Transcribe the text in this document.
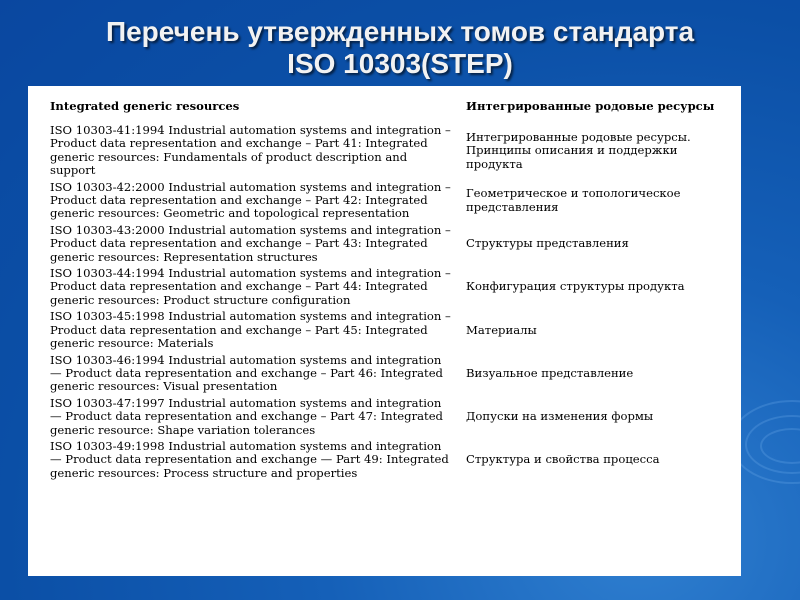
Перечень утвержденных томов стандарта
ISO 10303(STEP)
Integrated generic resources	Интегрированные родовые ресурсы
ISO 10303-41:1994 Industrial automation systems and integration – Product data representation and exchange – Part 41: Integrated generic resources: Fundamentals of product description and support	Интегрированные родовые ресурсы. Принципы описания и поддержки продукта
ISO 10303-42:2000 Industrial automation systems and integration – Product data representation and exchange – Part 42: Integrated generic resources: Geometric and topological representation	Геометрическое и топологическое представления
ISO 10303-43:2000 Industrial automation systems and integration – Product data representation and exchange – Part 43: Integrated generic resources: Representation structures	Структуры представления
ISO 10303-44:1994 Industrial automation systems and integration – Product data representation and exchange – Part 44: Integrated generic resources: Product structure configuration	Конфигурация структуры продукта
ISO 10303-45:1998 Industrial automation systems and integration – Product data representation and exchange – Part 45: Integrated generic resource: Materials	Материалы
ISO 10303-46:1994 Industrial automation systems and integration — Product data representation and exchange – Part 46: Integrated generic resources: Visual presentation	Визуальное представление
ISO 10303-47:1997 Industrial automation systems and integration — Product data representation and exchange – Part 47: Integrated generic resource: Shape variation tolerances	Допуски на изменения формы
ISO 10303-49:1998 Industrial automation systems and integration — Product data representation and exchange — Part 49: Integrated generic resources: Process structure and properties	Структура и свойства процесса
